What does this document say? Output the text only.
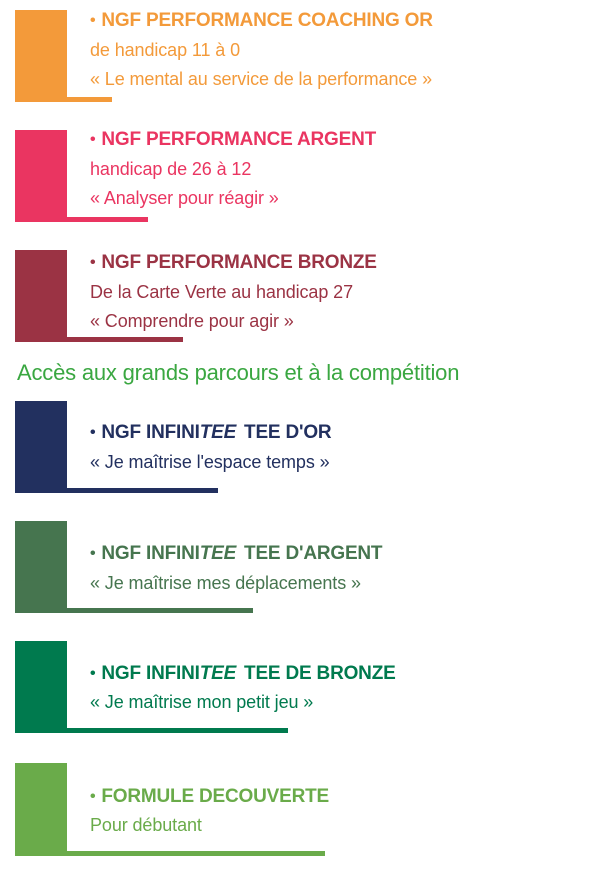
• NGF PERFORMANCE COACHING OR
de handicap 11 à 0
« Le mental au service de la performance »
• NGF PERFORMANCE ARGENT
handicap de 26 à 12
« Analyser pour réagir »
• NGF PERFORMANCE BRONZE
De la Carte Verte au handicap 27
« Comprendre pour agir »
Accès aux grands parcours et à la compétition
• NGF INFINITEE TEE D'OR
« Je maîtrise l'espace temps »
• NGF INFINITEE TEE D'ARGENT
« Je maîtrise mes déplacements »
• NGF INFINITEE TEE DE BRONZE
« Je maîtrise mon petit jeu »
• FORMULE DECOUVERTE
Pour débutant
